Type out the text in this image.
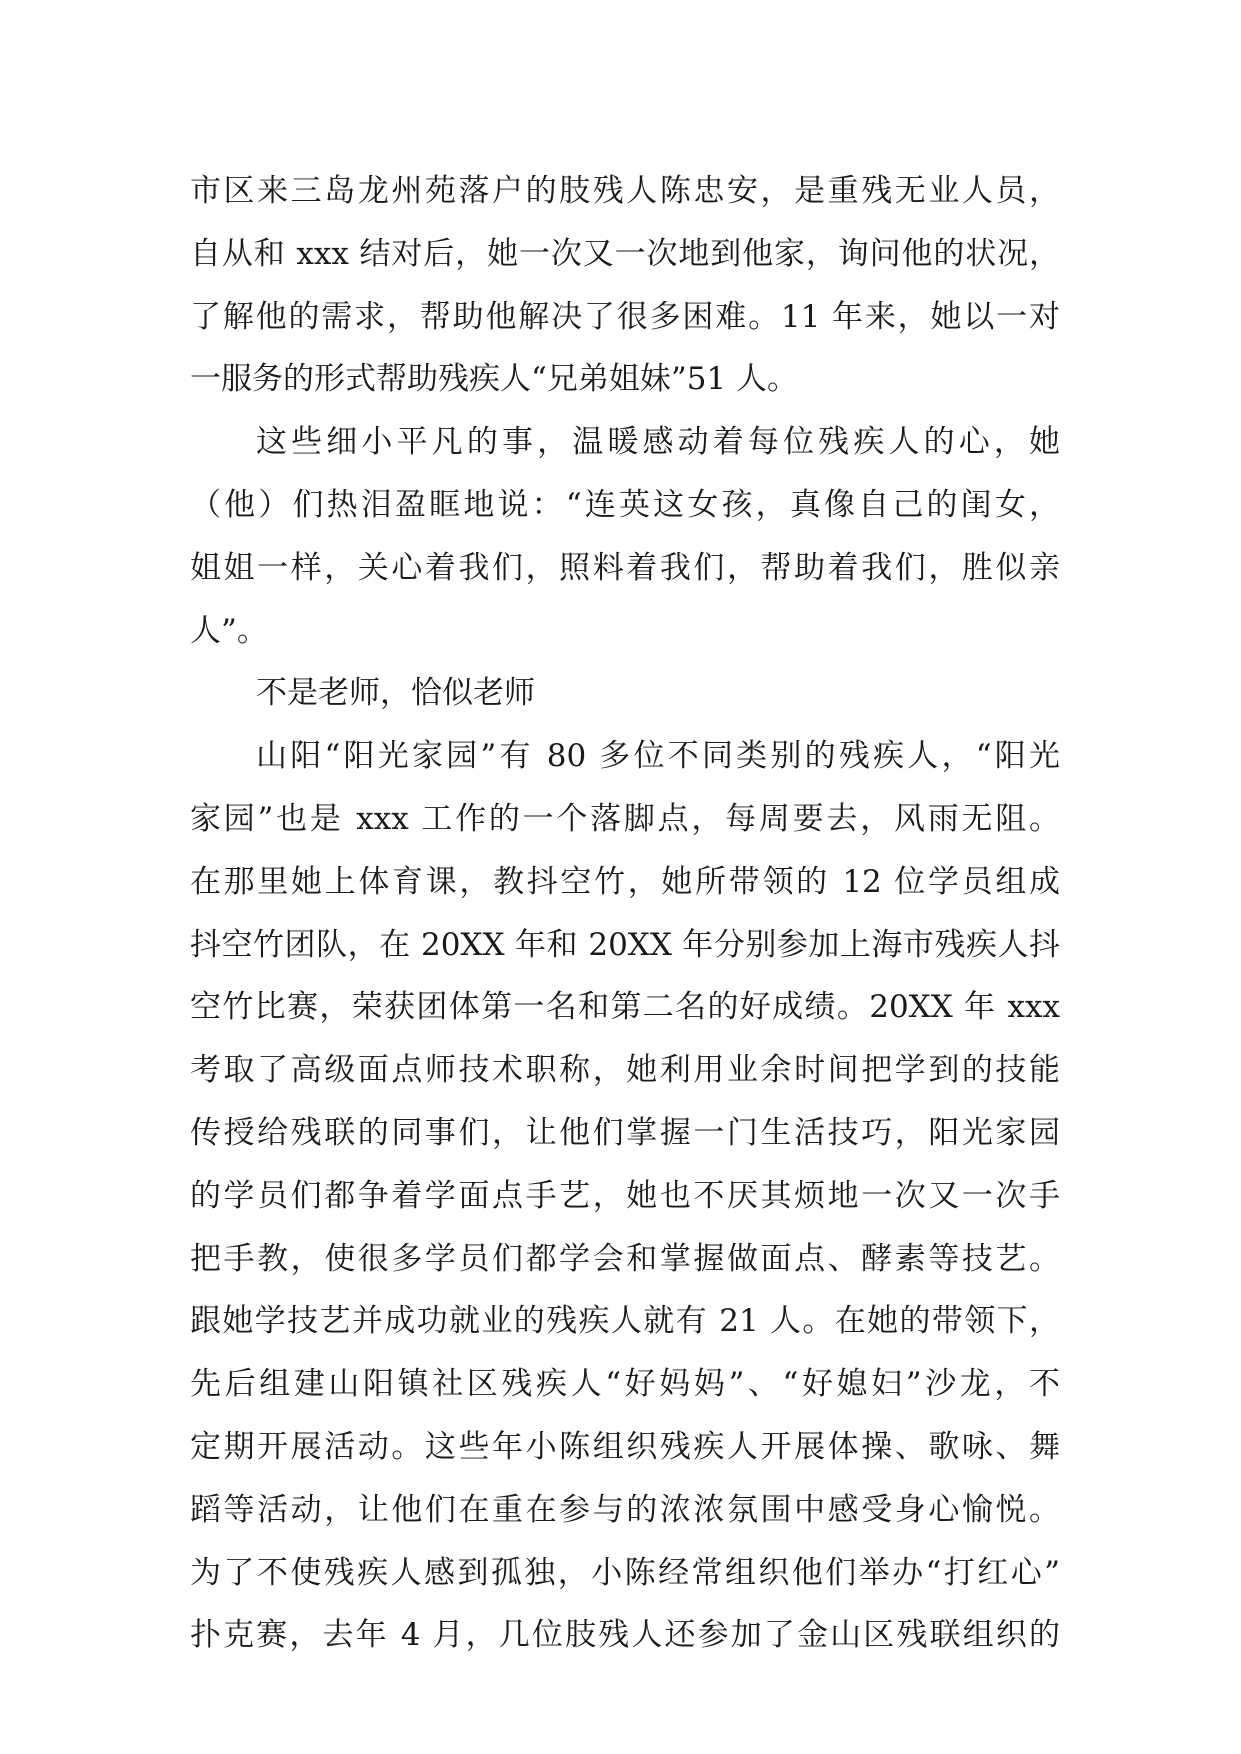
市区来三岛龙州苑落户的肢残人陈忠安，是重残无业人员，
自从和 xxx 结对后，她一次又一次地到他家，询问他的状况，
了解他的需求，帮助他解决了很多困难。11 年来，她以一对
一服务的形式帮助残疾人“兄弟姐妹”51 人。
这些细小平凡的事，温暖感动着每位残疾人的心，她
（他）们热泪盈眶地说：“连英这女孩，真像自己的闺女，
姐姐一样，关心着我们，照料着我们，帮助着我们，胜似亲
人”。
不是老师，恰似老师
山阳“阳光家园”有 80 多位不同类别的残疾人，“阳光
家园”也是 xxx 工作的一个落脚点，每周要去，风雨无阻。
在那里她上体育课，教抖空竹，她所带领的 12 位学员组成
抖空竹团队，在 20XX 年和 20XX 年分别参加上海市残疾人抖
空竹比赛，荣获团体第一名和第二名的好成绩。20XX 年 xxx
考取了高级面点师技术职称，她利用业余时间把学到的技能
传授给残联的同事们，让他们掌握一门生活技巧，阳光家园
的学员们都争着学面点手艺，她也不厌其烦地一次又一次手
把手教，使很多学员们都学会和掌握做面点、酵素等技艺。
跟她学技艺并成功就业的残疾人就有 21 人。在她的带领下，
先后组建山阳镇社区残疾人“好妈妈”、“好媳妇”沙龙，不
定期开展活动。这些年小陈组织残疾人开展体操、歌咏、舞
蹈等活动，让他们在重在参与的浓浓氛围中感受身心愉悦。
为了不使残疾人感到孤独，小陈经常组织他们举办“打红心”
扑克赛，去年 4 月，几位肢残人还参加了金山区残联组织的
